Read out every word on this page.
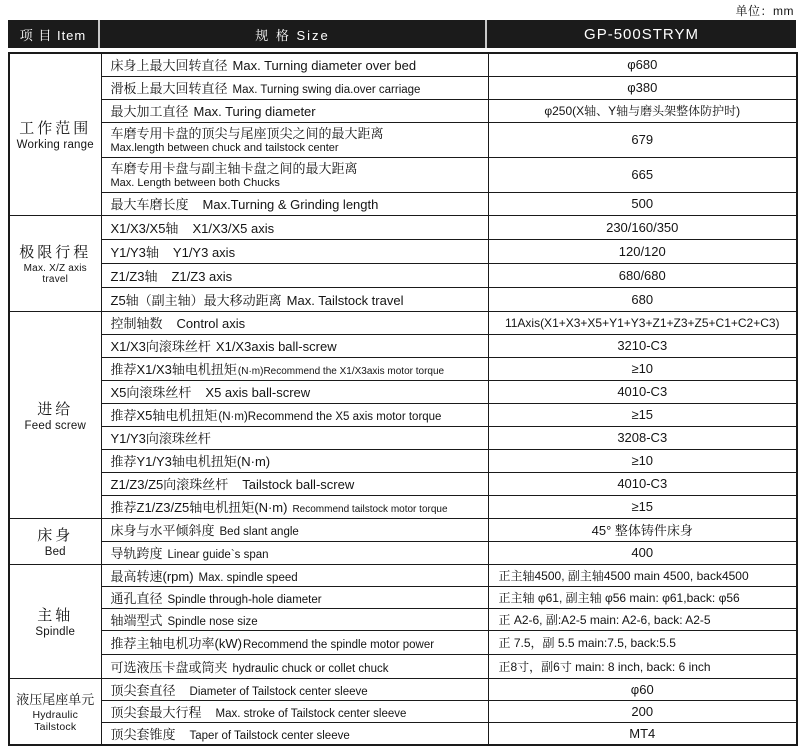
单位：mm
项 目 Item	规 格 Size	GP-500STRYM
工作范围
Working range	床身上最大回转直径 Max. Turning diameter over bed	φ680
	滑板上最大回转直径 Max. Turning swing dia.over carriage	φ380
	最大加工直径 Max. Turing diameter	φ250(X轴、Y轴与磨头架整体防护时)

	车磨专用卡盘的顶尖与尾座顶尖之间的最大距离
Max.length between chuck and tailstock center	679

	车磨专用卡盘与副主轴卡盘之间的最大距离
Max. Length between both Chucks	665
	最大车磨长度 Max.Turning & Grinding length	500

极限行程
Max. X/Z axis travel	X1/X3/X5轴 X1/X3/X5 axis	230/160/350
	Y1/Y3轴 Y1/Y3 axis	120/120
	Z1/Z3轴 Z1/Z3 axis	680/680
	Z5轴（副主轴）最大移动距离 Max. Tailstock travel	680

进给
Feed screw	控制轴数 Control axis	11Axis(X1+X3+X5+Y1+Y3+Z1+Z3+Z5+C1+C2+C3)
	X1/X3向滚珠丝杆 X1/X3axis ball-screw	3210-C3
	推荐X1/X3轴电机扭矩(N·m)Recommend the X1/X3axis motor torque	≥10
	X5向滚珠丝杆 X5 axis ball-screw	4010-C3
	推荐X5轴电机扭矩(N·m)Recommend the X5 axis motor torque	≥15
	Y1/Y3向滚珠丝杆	3208-C3
	推荐Y1/Y3轴电机扭矩(N·m)	≥10
	Z1/Z3/Z5向滚珠丝杆 Tailstock ball-screw	4010-C3
	推荐Z1/Z3/Z5轴电机扭矩(N·m) Recommend tailstock motor torque	≥15

床身
Bed	床身与水平倾斜度 Bed slant angle	45° 整体铸件床身
	导轨跨度 Linear guide`s span	400

主轴
Spindle	最高转速(rpm) Max. spindle speed	正主轴4500, 副主轴4500 main 4500, back4500
	通孔直径 Spindle through-hole diameter	正主轴 φ61, 副主轴 φ56 main: φ61,back: φ56
	轴端型式 Spindle nose size	正 A2-6, 副:A2-5 main: A2-6, back: A2-5
	推荐主轴电机功率(kW)Recommend the spindle motor power	正 7.5，副 5.5 main:7.5, back:5.5
	可选液压卡盘或筒夹 hydraulic chuck or collet chuck	正8寸，副6寸 main: 8 inch, back: 6 inch

液压尾座单元
Hydraulic Tailstock	顶尖套直径 Diameter of Tailstock center sleeve	φ60
	顶尖套最大行程 Max. stroke of Tailstock center sleeve	200
	顶尖套锥度 Taper of Tailstock center sleeve	MT4
